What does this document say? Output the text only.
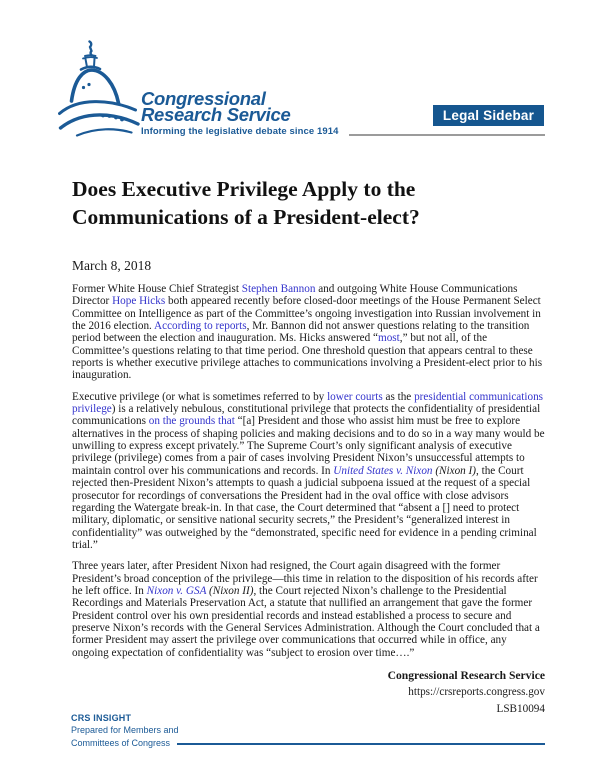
Congressional
Research Service
Informing the legislative debate since 1914
Legal Sidebar
Does Executive Privilege Apply to the Communications of a President-elect?
March 8, 2018

Former White House Chief Strategist Stephen Bannon and outgoing White House Communications Director Hope Hicks both appeared recently before closed-door meetings of the House Permanent Select Committee on Intelligence as part of the Committee’s ongoing investigation into Russian involvement in the 2016 election. According to reports, Mr. Bannon did not answer questions relating to the transition period between the election and inauguration. Ms. Hicks answered “most,” but not all, of the Committee’s questions relating to that time period. One threshold question that appears central to these reports is whether executive privilege attaches to communications involving a President-elect prior to his inauguration.

Executive privilege (or what is sometimes referred to by lower courts as the presidential communications privilege) is a relatively nebulous, constitutional privilege that protects the confidentiality of presidential communications on the grounds that “[a] President and those who assist him must be free to explore alternatives in the process of shaping policies and making decisions and to do so in a way many would be unwilling to express except privately.” The Supreme Court’s only significant analysis of executive privilege (privilege) comes from a pair of cases involving President Nixon’s unsuccessful attempts to maintain control over his communications and records. In United States v. Nixon (Nixon I), the Court rejected then-President Nixon’s attempts to quash a judicial subpoena issued at the request of a special prosecutor for recordings of conversations the President had in the oval office with close advisors regarding the Watergate break-in. In that case, the Court determined that “absent a [] need to protect military, diplomatic, or sensitive national security secrets,” the President’s “generalized interest in confidentiality” was outweighed by the “demonstrated, specific need for evidence in a pending criminal trial.”

Three years later, after President Nixon had resigned, the Court again disagreed with the former President’s broad conception of the privilege—this time in relation to the disposition of his records after he left office. In Nixon v. GSA (Nixon II), the Court rejected Nixon’s challenge to the Presidential Recordings and Materials Preservation Act, a statute that nullified an arrangement that gave the former President control over his own presidential records and instead established a process to secure and preserve Nixon’s records with the General Services Administration. Although the Court concluded that a former President may assert the privilege over communications that occurred while in office, any ongoing expectation of confidentiality was “subject to erosion over time….”

Congressional Research Service
https://crsreports.congress.gov
LSB10094
CRS INSIGHT
Prepared for Members and
Committees of Congress
